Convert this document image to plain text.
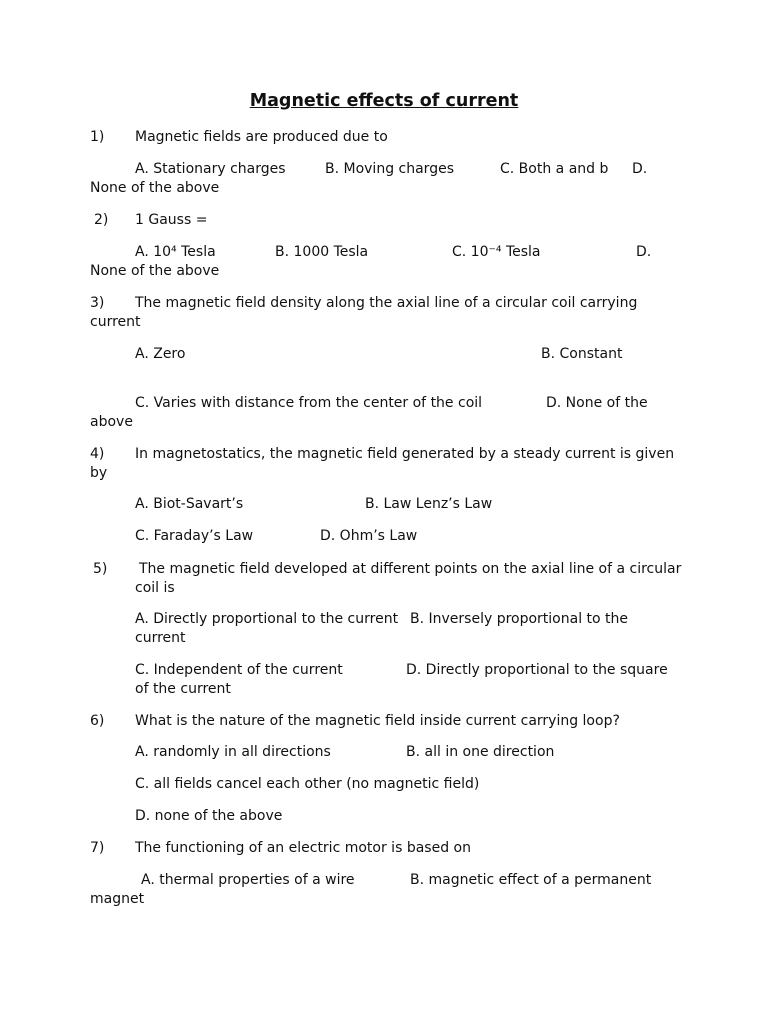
Magnetic effects of current
1) Magnetic fields are produced due to
A. Stationary charges	B. Moving charges	C. Both a and b D.
None of the above
2) 1 Gauss =
A. 10⁴ Tesla	B. 1000 Tesla	C. 10⁻⁴ Tesla	D.
None of the above
3) The magnetic field density along the axial line of a circular coil carrying
current
A. Zero	B. Constant
C. Varies with distance from the center of the coil	D. None of the
above
4) In magnetostatics, the magnetic field generated by a steady current is given
by
A. Biot-Savart’s	B. Law Lenz’s Law
C. Faraday’s Law	D. Ohm’s Law
5) The magnetic field developed at different points on the axial line of a circular
coil is
A. Directly proportional to the current B. Inversely proportional to the
current
C. Independent of the current	D. Directly proportional to the square
of the current
6) What is the nature of the magnetic field inside current carrying loop?
A. randomly in all directions	B. all in one direction
C. all fields cancel each other (no magnetic field)
D. none of the above
7) The functioning of an electric motor is based on
A. thermal properties of a wire	B. magnetic effect of a permanent
magnet
